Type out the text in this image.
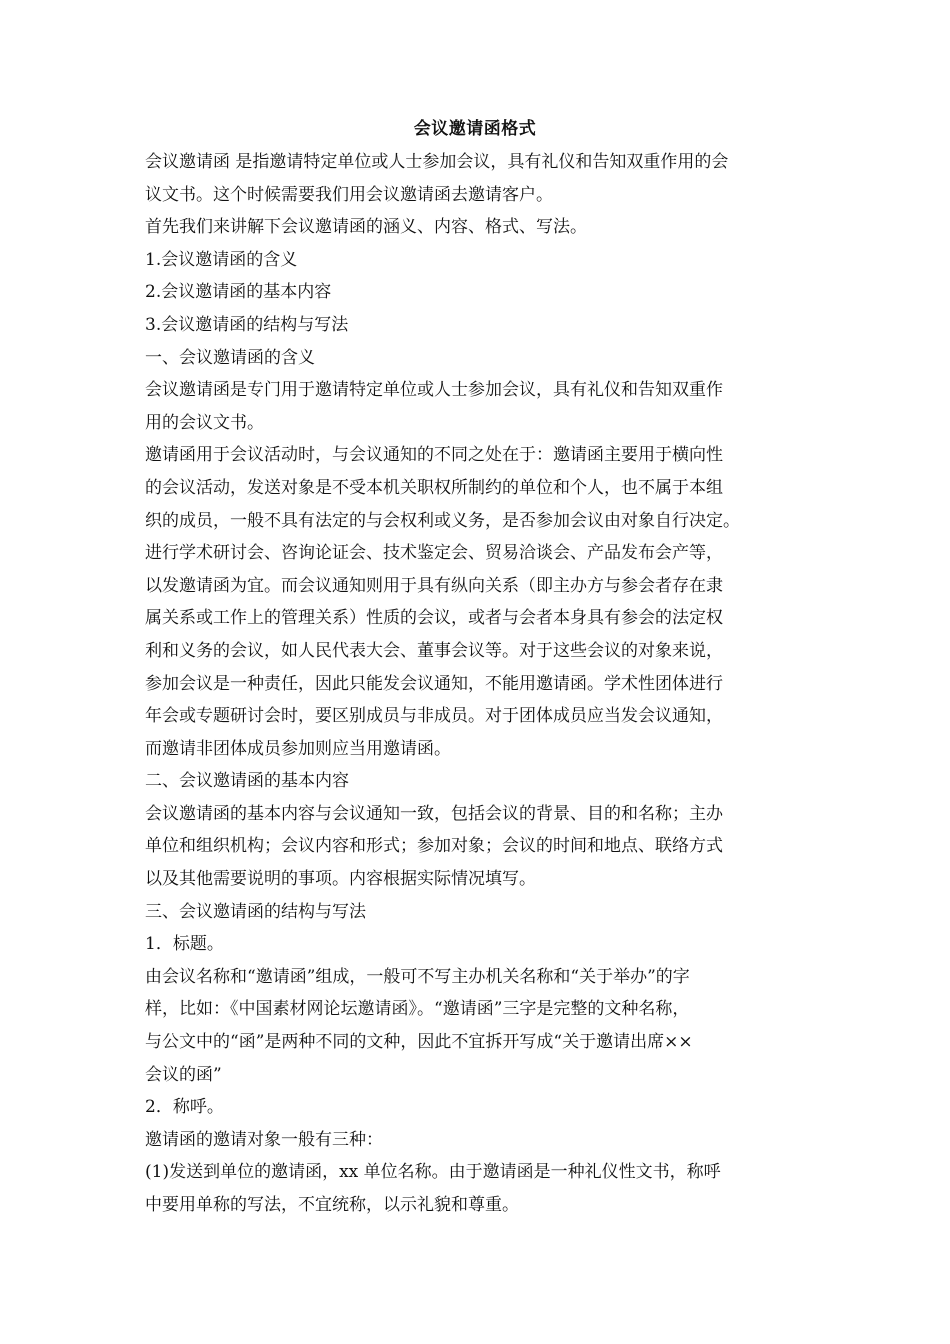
会议邀请函格式
会议邀请函 是指邀请特定单位或人士参加会议，具有礼仪和告知双重作用的会
议文书。这个时候需要我们用会议邀请函去邀请客户。
首先我们来讲解下会议邀请函的涵义、内容、格式、写法。
1.会议邀请函的含义
2.会议邀请函的基本内容
3.会议邀请函的结构与写法
一、会议邀请函的含义
会议邀请函是专门用于邀请特定单位或人士参加会议，具有礼仪和告知双重作
用的会议文书。
邀请函用于会议活动时，与会议通知的不同之处在于：邀请函主要用于横向性
的会议活动，发送对象是不受本机关职权所制约的单位和个人，也不属于本组
织的成员，一般不具有法定的与会权利或义务，是否参加会议由对象自行决定。
进行学术研讨会、咨询论证会、技术鉴定会、贸易洽谈会、产品发布会产等，
以发邀请函为宜。而会议通知则用于具有纵向关系（即主办方与参会者存在隶
属关系或工作上的管理关系）性质的会议，或者与会者本身具有参会的法定权
利和义务的会议，如人民代表大会、董事会议等。对于这些会议的对象来说，
参加会议是一种责任，因此只能发会议通知，不能用邀请函。学术性团体进行
年会或专题研讨会时，要区别成员与非成员。对于团体成员应当发会议通知，
而邀请非团体成员参加则应当用邀请函。
二、会议邀请函的基本内容
会议邀请函的基本内容与会议通知一致，包括会议的背景、目的和名称；主办
单位和组织机构；会议内容和形式；参加对象；会议的时间和地点、联络方式
以及其他需要说明的事项。内容根据实际情况填写。
三、会议邀请函的结构与写法
1．标题。
由会议名称和“邀请函”组成，一般可不写主办机关名称和“关于举办”的字
样，比如：《中国素材网论坛邀请函》。“邀请函”三字是完整的文种名称，
与公文中的“函”是两种不同的文种，因此不宜拆开写成“关于邀请出席××
会议的函”
2．称呼。
邀请函的邀请对象一般有三种：
(1)发送到单位的邀请函，xx 单位名称。由于邀请函是一种礼仪性文书，称呼
中要用单称的写法，不宜统称，以示礼貌和尊重。
